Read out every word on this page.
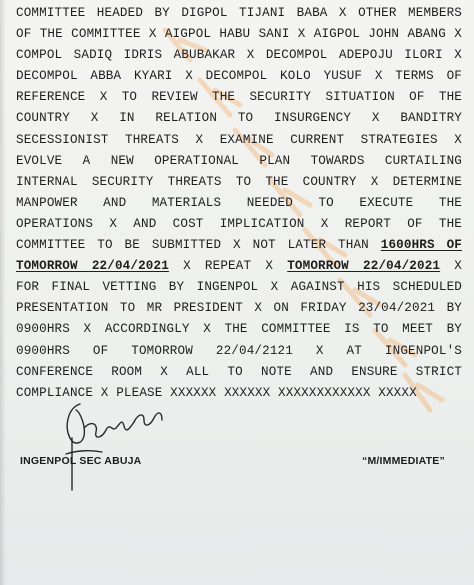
COMMITTEE HEADED BY DIGPOL TIJANI BABA X OTHER MEMBERS
OF THE COMMITTEE X AIGPOL HABU SANI X AIGPOL JOHN ABANG X
COMPOL SADIQ IDRIS ABUBAKAR X DECOMPOL ADEPOJU ILORI X
DECOMPOL ABBA KYARI X DECOMPOL KOLO YUSUF X TERMS OF
REFERENCE X TO REVIEW THE SECURITY SITUATION OF THE
COUNTRY X IN RELATION TO INSURGENCY X BANDITRY
SECESSIONIST THREATS X EXAMINE CURRENT STRATEGIES X
EVOLVE A NEW OPERATIONAL PLAN TOWARDS CURTAILING
INTERNAL SECURITY THREATS TO THE COUNTRY X DETERMINE
MANPOWER AND MATERIALS NEEDED TO EXECUTE THE
OPERATIONS X AND COST IMPLICATION X REPORT OF THE
COMMITTEE TO BE SUBMITTED X NOT LATER THAN 1600HRS OF
TOMORROW 22/04/2021 X REPEAT X TOMORROW 22/04/2021 X
FOR FINAL VETTING BY INGENPOL X AGAINST HIS SCHEDULED
PRESENTATION TO MR PRESIDENT X ON FRIDAY 23/04/2021 BY
0900HRS X ACCORDINGLY X THE COMMITTEE IS TO MEET BY
0900HRS OF TOMORROW 22/04/2121 X AT INGENPOL'S
CONFERENCE ROOM X ALL TO NOTE AND ENSURE STRICT
COMPLIANCE X PLEASE XXXXXX XXXXXX XXXXXXXXXXXX XXXXX
INGENPOL SEC ABUJA	“M/IMMEDIATE”
